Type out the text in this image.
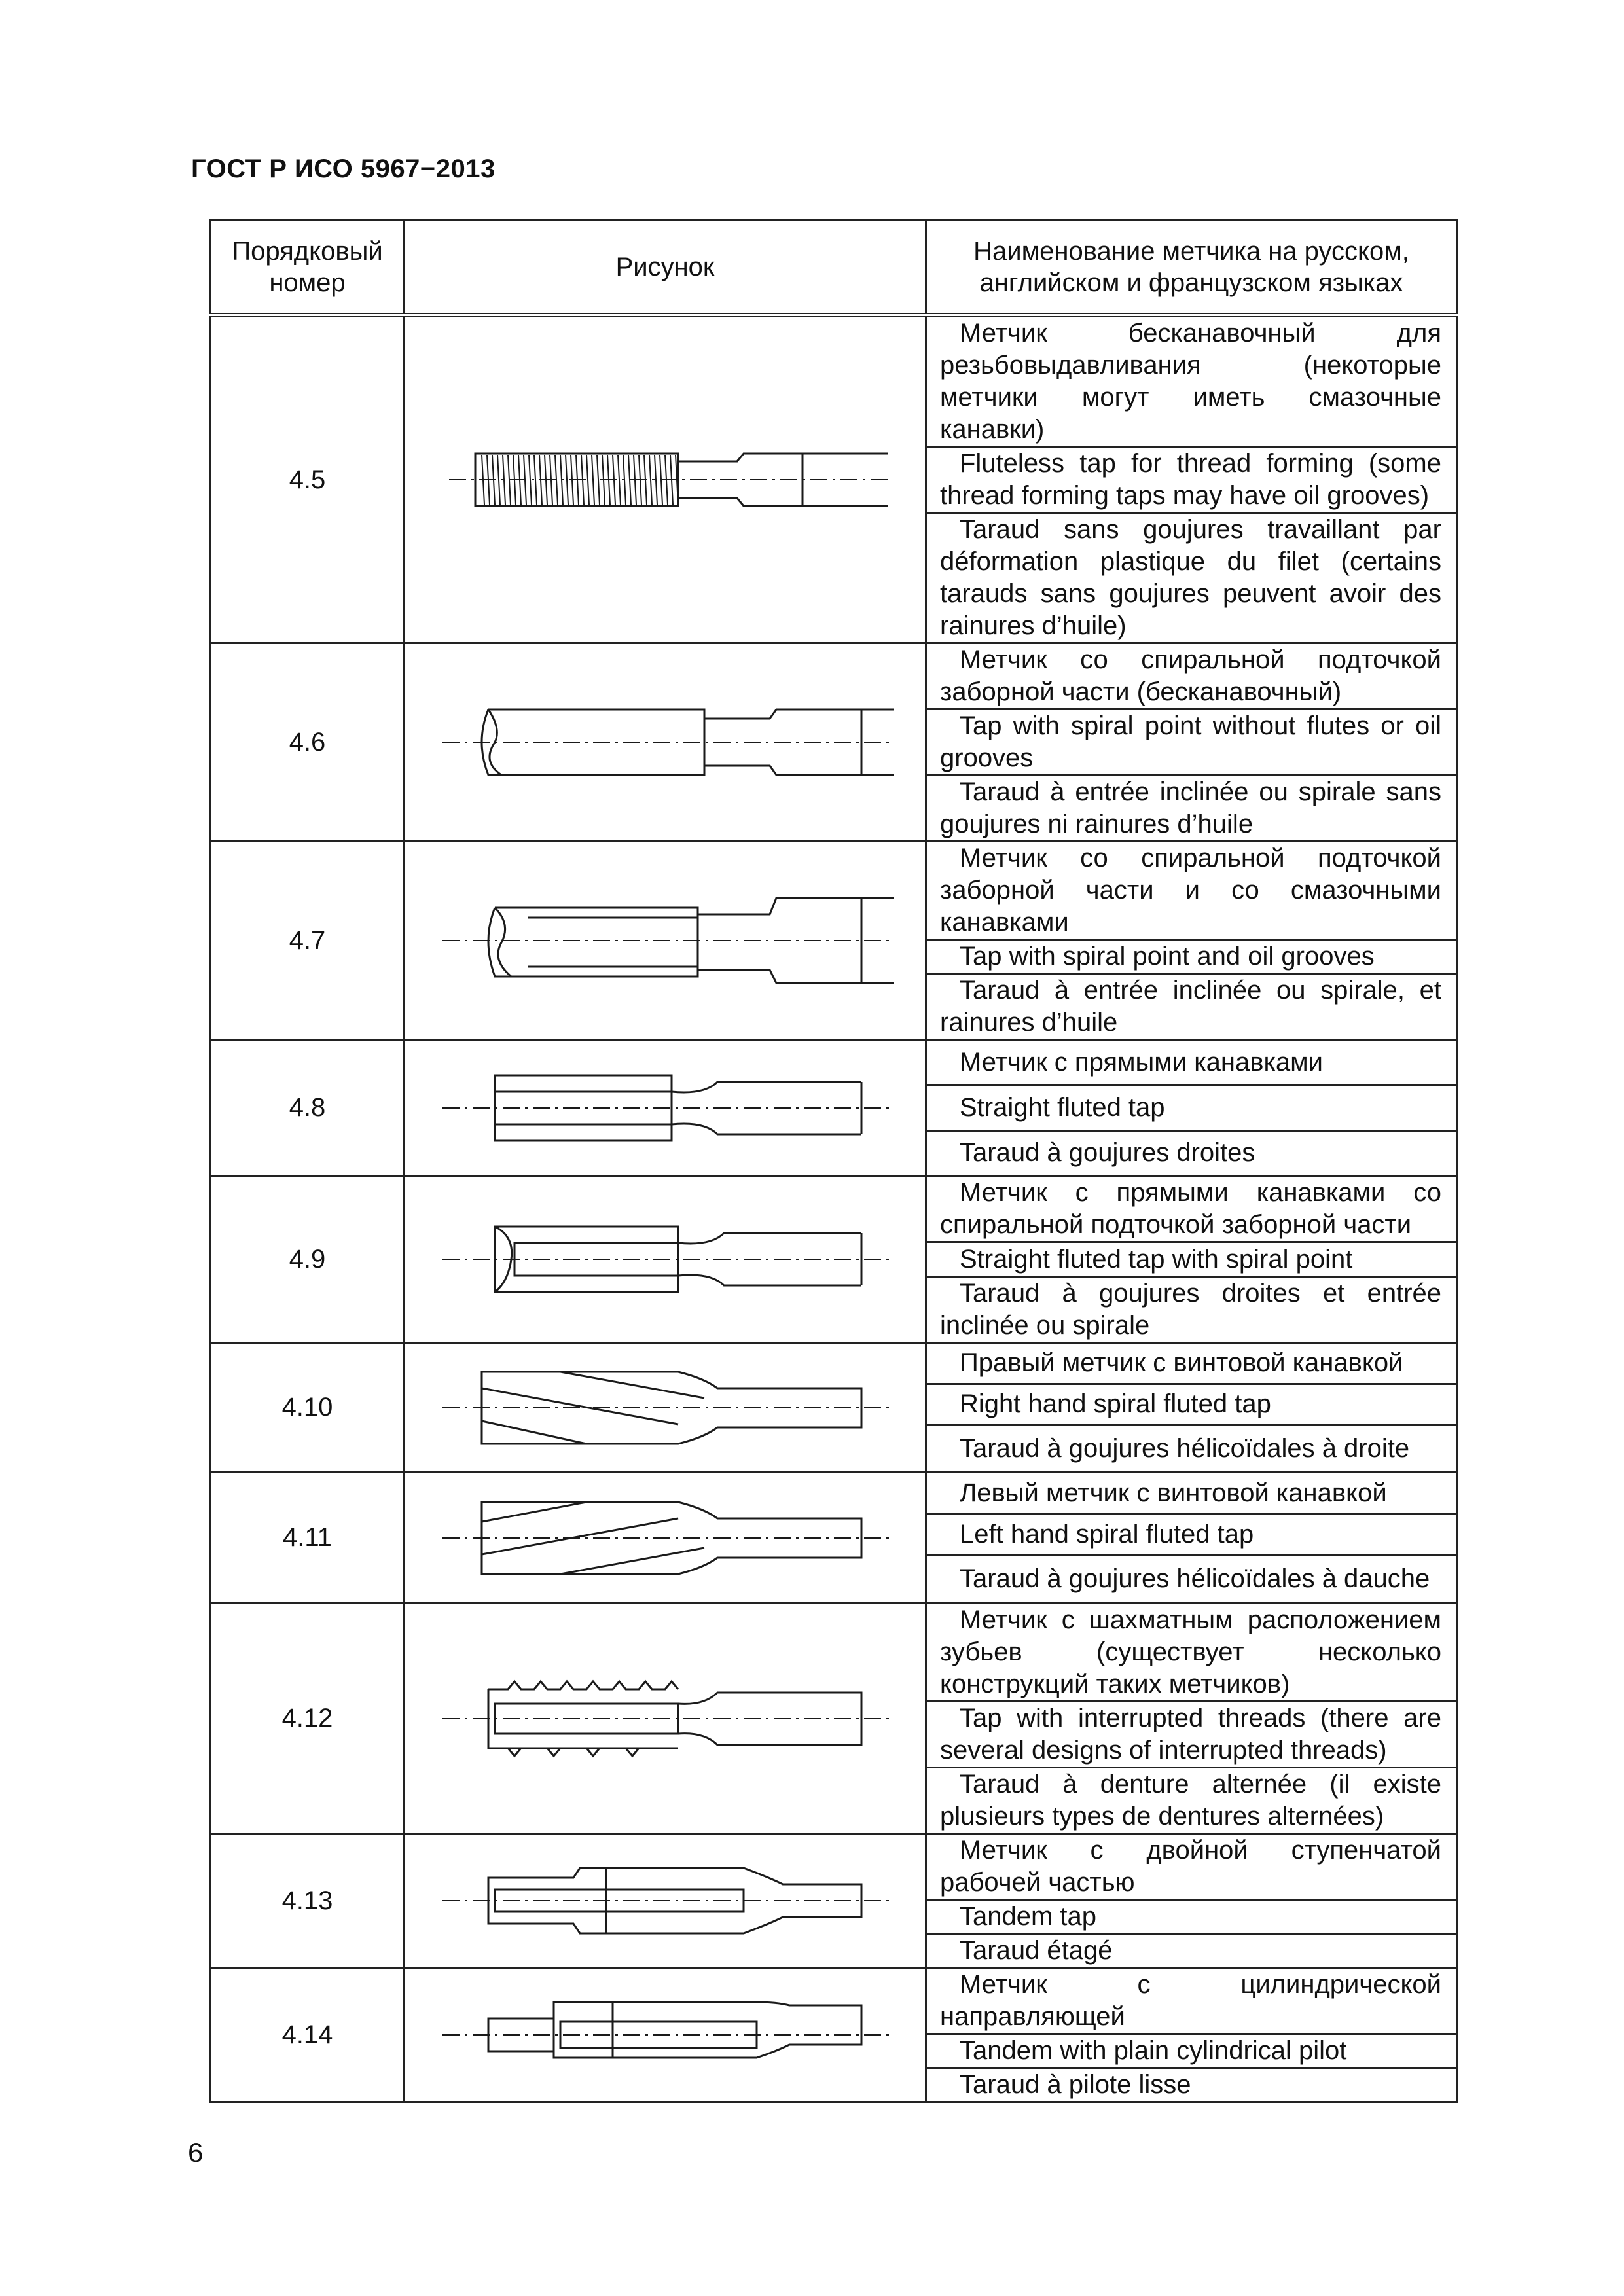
ГОСТ Р ИСО 5967−2013
Порядковый номер	Рисунок	Наименование метчика на русском, английском и французском языках
4.5		Метчик бесканавочный для резьбовыдавливания (некоторые метчики могут иметь смазочные канавки)
Fluteless tap for thread forming (some thread forming taps may have oil grooves)
Taraud sans goujures travaillant par déformation plastique du filet (certains tarauds sans goujures peuvent avoir des rainures d’huile)

4.6		Метчик со спиральной подточкой заборной части (бесканавочный)
Tap with spiral point without flutes or oil grooves
Taraud à entrée inclinée ou spirale sans goujures ni rainures d’huile

4.7		Метчик со спиральной подточкой заборной части и со смазочными канавками
Tap with spiral point and oil grooves
Taraud à entrée inclinée ou spirale, et rainures d’huile

4.8		Метчик с прямыми канавками
Straight fluted tap
Taraud à goujures droites

4.9		Метчик с прямыми канавками со спиральной подточкой заборной части
Straight fluted tap with spiral point
Taraud à goujures droites et entrée inclinée ou spirale

4.10		Правый метчик с винтовой канавкой
Right hand spiral fluted tap
Taraud à goujures hélicoïdales à droite

4.11		Левый метчик с винтовой канавкой
Left hand spiral fluted tap
Taraud à goujures hélicoïdales à dauche

4.12		Метчик с шахматным расположением зубьев (существует несколько конструкций таких метчиков)
Tap with interrupted threads (there are several designs of interrupted threads)
Taraud à denture alternée (il existe plusieurs types de dentures alternées)

4.13		Метчик с двойной ступенчатой рабочей частью
Tandem tap
Taraud étagé

4.14		Метчик с цилиндрической направляющей
Tandem with plain cylindrical pilot
Taraud à pilote lisse
6
